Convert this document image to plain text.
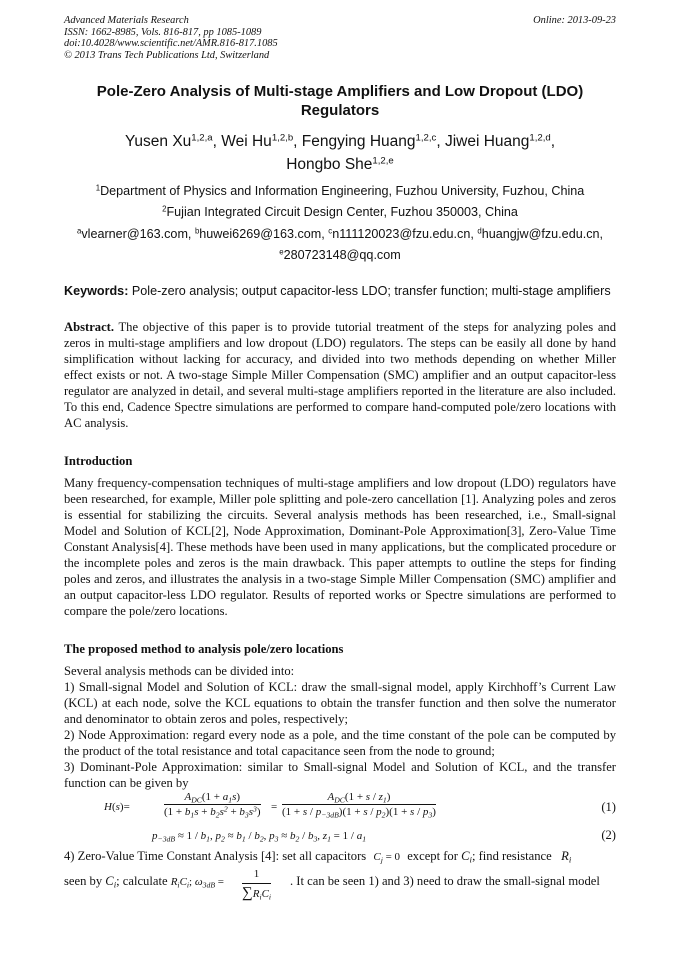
Advanced Materials Research
ISSN: 1662-8985, Vols. 816-817, pp 1085-1089
doi:10.4028/www.scientific.net/AMR.816-817.1085
© 2013 Trans Tech Publications Ltd, Switzerland
Online: 2013-09-23
Pole-Zero Analysis of Multi-stage Amplifiers and Low Dropout (LDO)
Regulators
Yusen Xu$^{1,2,a}$, Wei Hu$^{1,2,b}$, Fengying Huang$^{1,2,c}$, Jiwei Huang$^{1,2,d}$,
Hongbo She$^{1,2,e}$
$^1$Department of Physics and Information Engineering, Fuzhou University, Fuzhou, China
$^2$Fujian Integrated Circuit Design Center, Fuzhou 350003, China
$^a$vlearner@163.com, $^b$huwei6269@163.com, $^c$n111120023@fzu.edu.cn, $^d$huangjw@fzu.edu.cn,
$^e$280723148@qq.com
Keywords: Pole-zero analysis; output capacitor-less LDO; transfer function; multi-stage amplifiers
Abstract. The objective of this paper is to provide tutorial treatment of the steps for analyzing poles and zeros in multi-stage amplifiers and low dropout (LDO) regulators. The steps can be easily all done by hand simplification without lacking for accuracy, and divided into two methods depending on whether Miller effect exists or not. A two-stage Simple Miller Compensation (SMC) amplifier and an output capacitor-less regulator are analyzed in detail, and several multi-stage amplifiers reported in the literature are also included. To this end, Cadence Spectre simulations are performed to compare hand-computed pole/zero locations with AC analysis.
Introduction
Many frequency-compensation techniques of multi-stage amplifiers and low dropout (LDO) regulators have been researched, for example, Miller pole splitting and pole-zero cancellation [1]. Analyzing poles and zeros is essential for stabilizing the circuits. Several analysis methods has been researched, i.e., Small-signal Model and Solution of KCL[2], Node Approximation, Dominant-Pole Approximation[3], Zero-Value Time Constant Analysis[4]. These methods have been used in many applications, but the complicated procedure or the incomplete poles and zeros is the main drawback. This paper attempts to outline the steps for finding poles and zeros, and illustrates the analysis in a two-stage Simple Miller Compensation (SMC) amplifier and an output capacitor-less LDO regulator. Results of reported works or Spectre simulations are performed to compare the pole/zero locations.
The proposed method to analysis pole/zero locations
Several analysis methods can be divided into:
1) Small-signal Model and Solution of KCL: draw the small-signal model, apply Kirchhoff’s Current Law (KCL) at each node, solve the KCL equations to obtain the transfer function and then solve the numerator and denominator to obtain zeros and poles, respectively;
2) Node Approximation: regard every node as a pole, and the time constant of the pole can be computed by the product of the total resistance and total capacitance seen from the node to ground;
3) Dominant-Pole Approximation: similar to Small-signal Model and Solution of KCL, and the transfer function can be given by
H(s)=
$A_{DC}(1 + a_1s)$
$(1 + b_1s + b_2s^2 + b_3s^3)$ =
$A_{DC}(1 + s / z_1)$
$(1 + s / p_{-3dB})(1 + s / p_2)(1 + s / p_3)$	(1)
$p_{-3dB} \approx 1 / b_1$, $p_2 \approx b_1 / b_2$, $p_3 \approx b_2 / b_3$, $z_1 = 1 / a_1$	(2)
4) Zero-Value Time Constant Analysis [4]: set all capacitors $C_j = 0$ except for $C_i$; find resistance   $R_i$
seen by $C_i$; calculate $R_iC_i$; $\omega_{3dB}$ =
1
$\sum R_iC_i$
. It can be seen 1) and 3) need to draw the small-signal model
